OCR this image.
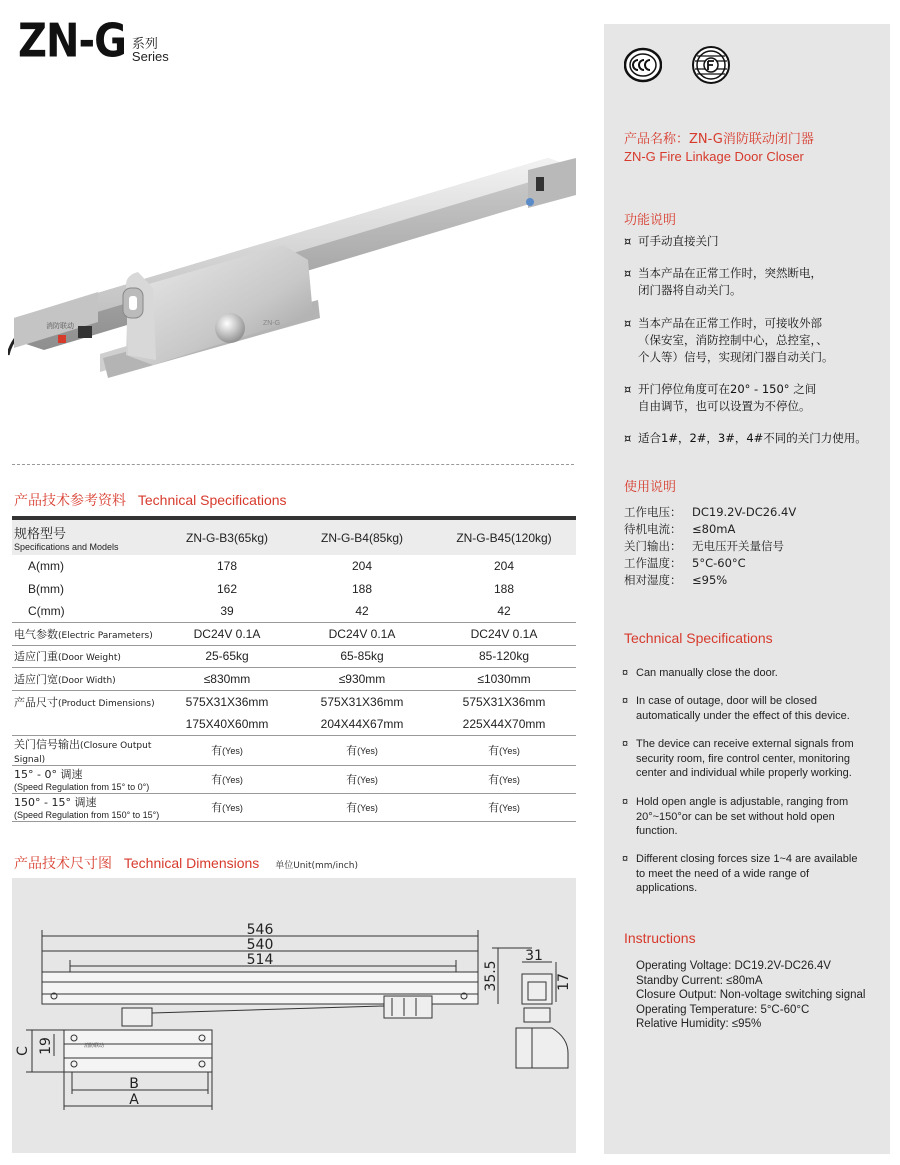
ZN-G 系列
Series
消防联动	ZN-G
产品技术参考资料 Technical Specifications
规格型号
Specifications and Models	ZN-G-B3(65kg)	ZN-G-B4(85kg)	ZN-G-B45(120kg)
A(mm)	178	204	204
B(mm)	162	188	188
C(mm)	39	42	42
电气参数(Electric Parameters)	DC24V 0.1A	DC24V 0.1A	DC24V 0.1A
适应门重(Door Weight)	25-65kg	65-85kg	85-120kg
适应门宽(Door Width)	≤830mm	≤930mm	≤1030mm
产品尺寸(Product Dimensions)	575X31X36mm	575X31X36mm	575X31X36mm
	175X40X60mm	204X44X67mm	225X44X70mm
关门信号输出(Closure Output Signal)	有(Yes)	有(Yes)	有(Yes)
15° - 0° 调速
(Speed Regulation from 15° to 0°)	有(Yes)	有(Yes)	有(Yes)
150° - 15° 调速
(Speed Regulation from 150° to 15°)	有(Yes)	有(Yes)	有(Yes)
产品技术尺寸图 Technical Dimensions 单位Unit(mm/inch)
546
540
514
B
A
31
C 19
35.5	17
消防联动
产品名称：ZN-G消防联动闭门器
ZN-G Fire Linkage Door Closer
功能说明
¤ 可手动直接关门
¤ 当本产品在正常工作时，突然断电，
闭门器将自动关门。
¤ 当本产品在正常工作时，可接收外部
（保安室，消防控制中心，总控室，、
个人等）信号，实现闭门器自动关门。
¤ 开门停位角度可在20° - 150° 之间
自由调节，也可以设置为不停位。
¤ 适合1#，2#，3#，4#不同的关门力使用。
使用说明
工作电压： DC19.2V-DC26.4V
待机电流： ≤80mA
关门输出： 无电压开关量信号
工作温度： 5°C-60°C
相对湿度： ≤95%
Technical Specifications
¤ Can manually close the door.
¤ In case of outage, door will be closed
automatically under the effect of this device.
¤ The device can receive external signals from
security room, fire control center, monitoring
center and individual while properly working.
¤ Hold open angle is adjustable, ranging from
20°~150°or can be set without hold open
function.
¤ Different closing forces size 1~4 are available
to meet the need of a wide range of
applications.
Instructions
Operating Voltage: DC19.2V-DC26.4V
Standby Current: ≤80mA
Closure Output: Non-voltage switching signal
Operating Temperature: 5°C-60°C
Relative Humidity: ≤95%
